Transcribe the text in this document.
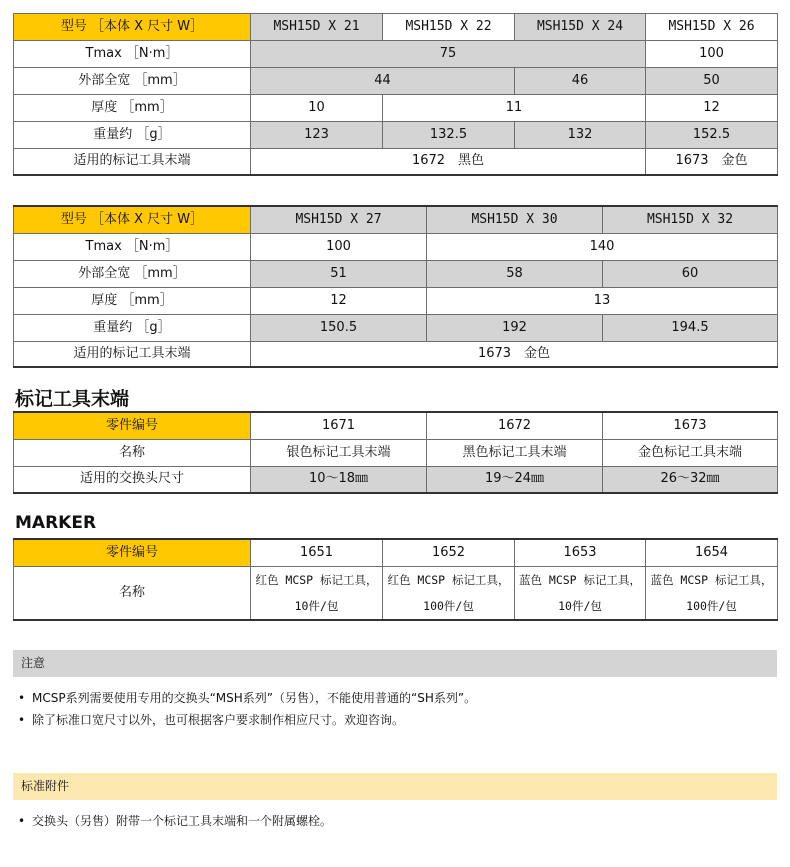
型号 ［本体 X 尺寸 W］	MSH15D X 21	MSH15D X 22	MSH15D X 24	MSH15D X 26
Tmax ［N·m］	75			100
外部全宽 ［mm］	44		46	50
厚度 ［mm］	10	11		12
重量约 ［g］	123	132.5	132	152.5
适用的标记工具末端	1672　黑色			1673　金色
型号 ［本体 X 尺寸 W］	MSH15D X 27	MSH15D X 30	MSH15D X 32
Tmax ［N·m］	100	140	
外部全宽 ［mm］	51	58	60
厚度 ［mm］	12	13	
重量约 ［g］	150.5	192	194.5
适用的标记工具末端	1673　金色		
标记工具末端
零件编号	1671	1672	1673
名称	银色标记工具末端	黑色标记工具末端	金色标记工具末端
适用的交换头尺寸	10～18㎜	19～24㎜	26～32㎜
MARKER
零件编号	1651	1652	1653	1654
名称	红色 MCSP 标记工具，10件/包	红色 MCSP 标记工具，100件/包	蓝色 MCSP 标记工具，10件/包	蓝色 MCSP 标记工具，100件/包
注意
• MCSP系列需要使用专用的交换头“MSH系列”（另售），不能使用普通的“SH系列”。
• 除了标准口宽尺寸以外，也可根据客户要求制作相应尺寸。欢迎咨询。
标准附件
• 交换头（另售）附带一个标记工具末端和一个附属螺栓。
